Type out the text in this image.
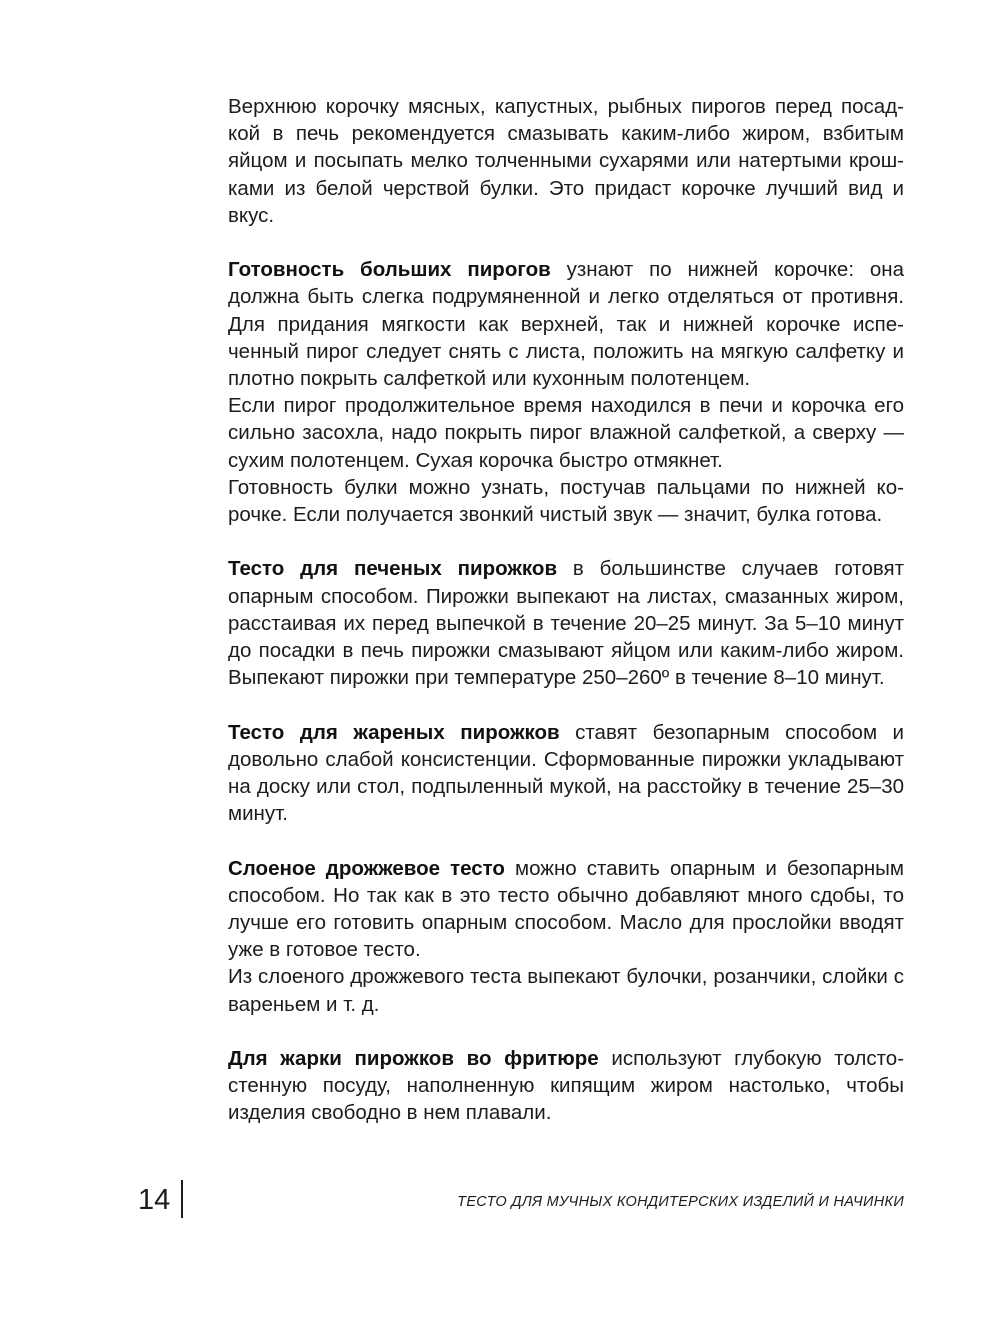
Верхнюю корочку мясных, капустных, рыбных пирогов перед посадкой в печь рекомендуется смазывать каким-либо жиром, взбитым яйцом и посыпать мелко толченными сухарями или натертыми крошками из белой черствой булки. Это придаст корочке лучший вид и вкус.

Готовность больших пирогов узнают по нижней корочке: она должна быть слегка подрумяненной и легко отделяться от противня. Для придания мягкости как верхней, так и нижней корочке испеченный пирог следует снять с листа, положить на мягкую салфетку и плотно покрыть салфеткой или кухонным полотенцем.

Если пирог продолжительное время находился в печи и корочка его сильно засохла, надо покрыть пирог влажной салфеткой, а сверху — сухим полотенцем. Сухая корочка быстро отмякнет.

Готовность булки можно узнать, постучав пальцами по нижней корочке. Если получается звонкий чистый звук — значит, булка готова.

Тесто для печеных пирожков в большинстве случаев готовят опарным способом. Пирожки выпекают на листах, смазанных жиром, расстаивая их перед выпечкой в течение 20–25 минут. За 5–10 минут до посадки в печь пирожки смазывают яйцом или каким-либо жиром. Выпекают пирожки при температуре 250–260º в течение 8–10 минут.

Тесто для жареных пирожков ставят безопарным способом и довольно слабой консистенции. Сформованные пирожки укладывают на доску или стол, подпыленный мукой, на расстойку в течение 25–30 минут.

Слоеное дрожжевое тесто можно ставить опарным и безопарным способом. Но так как в это тесто обычно добавляют много сдобы, то лучше его готовить опарным способом. Масло для прослойки вводят уже в готовое тесто.

Из слоеного дрожжевого теста выпекают булочки, розанчики, слойки с вареньем и т. д.

Для жарки пирожков во фритюре используют глубокую толстостенную посуду, наполненную кипящим жиром настолько, чтобы изделия свободно в нем плавали.

14	ТЕСТО ДЛЯ МУЧНЫХ КОНДИТЕРСКИХ ИЗДЕЛИЙ И НАЧИНКИ
